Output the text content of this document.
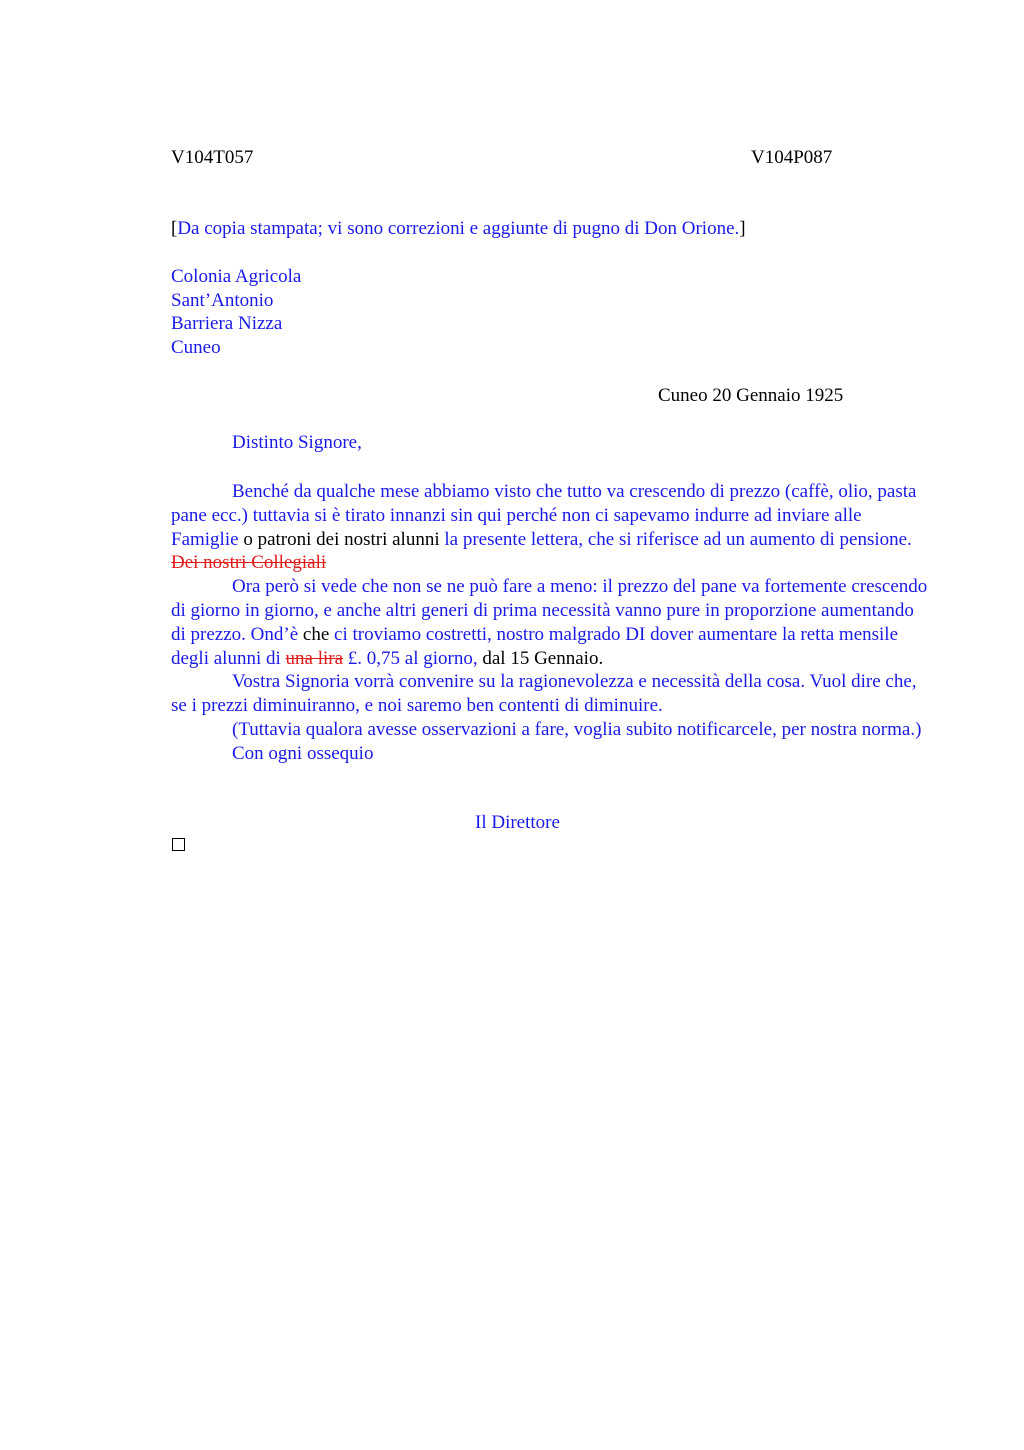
V104T057	V104P087
[Da copia stampata; vi sono correzioni e aggiunte di pugno di Don Orione.]
Colonia Agricola
Sant’Antonio
Barriera Nizza
Cuneo
Cuneo 20 Gennaio 1925
Distinto Signore,

Benché da qualche mese abbiamo visto che tutto va crescendo di prezzo (caffè, olio, pasta pane ecc.) tuttavia si è tirato innanzi sin qui perché non ci sapevamo indurre ad inviare alle Famiglie o patroni dei nostri alunni la presente lettera, che si riferisce ad un aumento di pensione. Dei nostri Collegiali

Ora però si vede che non se ne può fare a meno: il prezzo del pane va fortemente crescendo di giorno in giorno, e anche altri generi di prima necessità vanno pure in proporzione aumentando di prezzo. Ond’è che ci troviamo costretti, nostro malgrado DI dover aumentare la retta mensile degli alunni di una lira £. 0,75 al giorno, dal 15 Gennaio.

Vostra Signoria vorrà convenire su la ragionevolezza e necessità della cosa. Vuol dire che, se i prezzi diminuiranno, e noi saremo ben contenti di diminuire.

(Tuttavia qualora avesse osservazioni a fare, voglia subito notificarcele, per nostra norma.)

Con ogni ossequio

Il Direttore
